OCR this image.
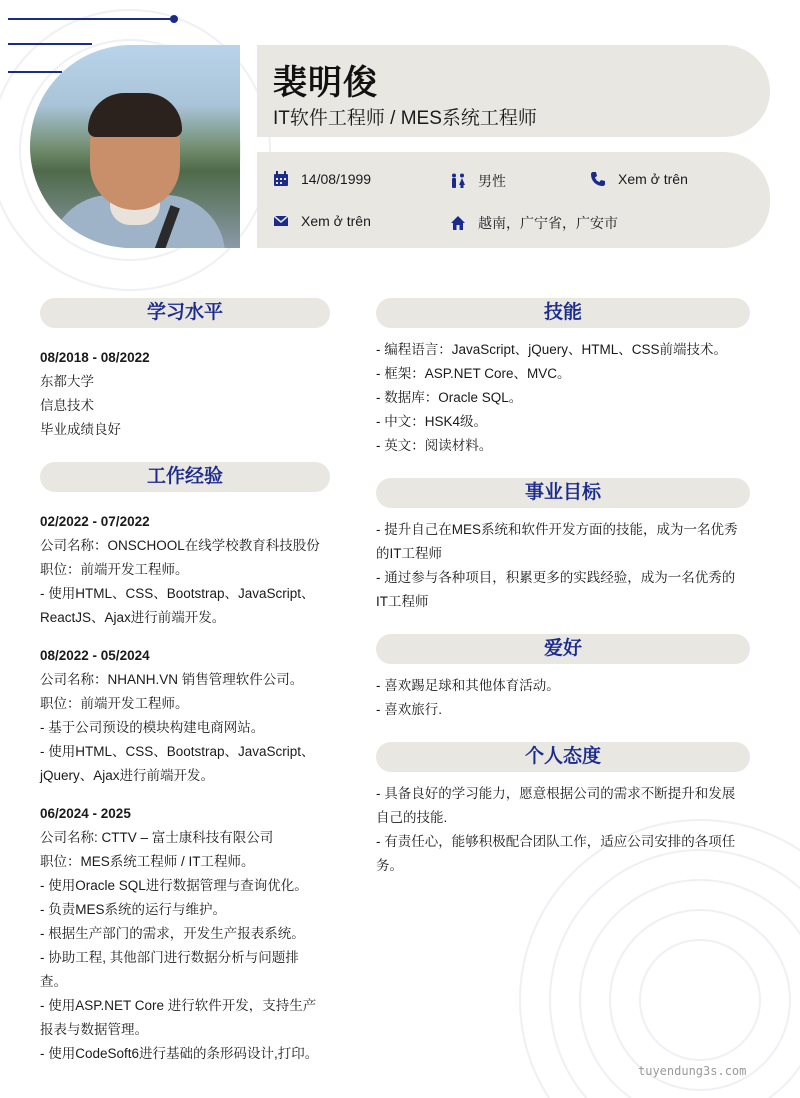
裴明俊
IT软件工程师 / MES系统工程师
14/08/1999	男性	Xem ở trên
Xem ở trên	越南，广宁省，广安市
学习水平

08/2018 - 08/2022

东都大学

信息技术

毕业成绩良好

工作经验

02/2022 - 07/2022

公司名称：ONSCHOOL在线学校教育科技股份

职位：前端开发工程师。

- 使用HTML、CSS、Bootstrap、JavaScript、

ReactJS、Ajax进行前端开发。

08/2022 - 05/2024

公司名称：NHANH.VN 销售管理软件公司。

职位：前端开发工程师。

- 基于公司预设的模块构建电商网站。

- 使用HTML、CSS、Bootstrap、JavaScript、

jQuery、Ajax进行前端开发。

06/2024 - 2025

公司名称: CTTV – 富士康科技有限公司

职位：MES系统工程师 / IT工程师。

- 使用Oracle SQL进行数据管理与查询优化。

- 负责MES系统的运行与维护。

- 根据生产部门的需求，开发生产报表系统。

- 协助工程, 其他部门进行数据分析与问题排

查。

- 使用ASP.NET Core 进行软件开发，支持生产

报表与数据管理。

- 使用CodeSoft6进行基础的条形码设计,打印。

技能

- 编程语言：JavaScript、jQuery、HTML、CSS前端技术。

- 框架：ASP.NET Core、MVC。

- 数据库：Oracle SQL。

- 中文：HSK4级。

- 英文：阅读材料。

事业目标

- 提升自己在MES系统和软件开发方面的技能，成为一名优秀

的IT工程师

- 通过参与各种项目，积累更多的实践经验，成为一名优秀的

IT工程师

爱好

- 喜欢踢足球和其他体育活动。

- 喜欢旅行.

个人态度

- 具备良好的学习能力，愿意根据公司的需求不断提升和发展

自己的技能.

- 有责任心，能够积极配合团队工作，适应公司安排的各项任

务。

tuyendung3s.com
